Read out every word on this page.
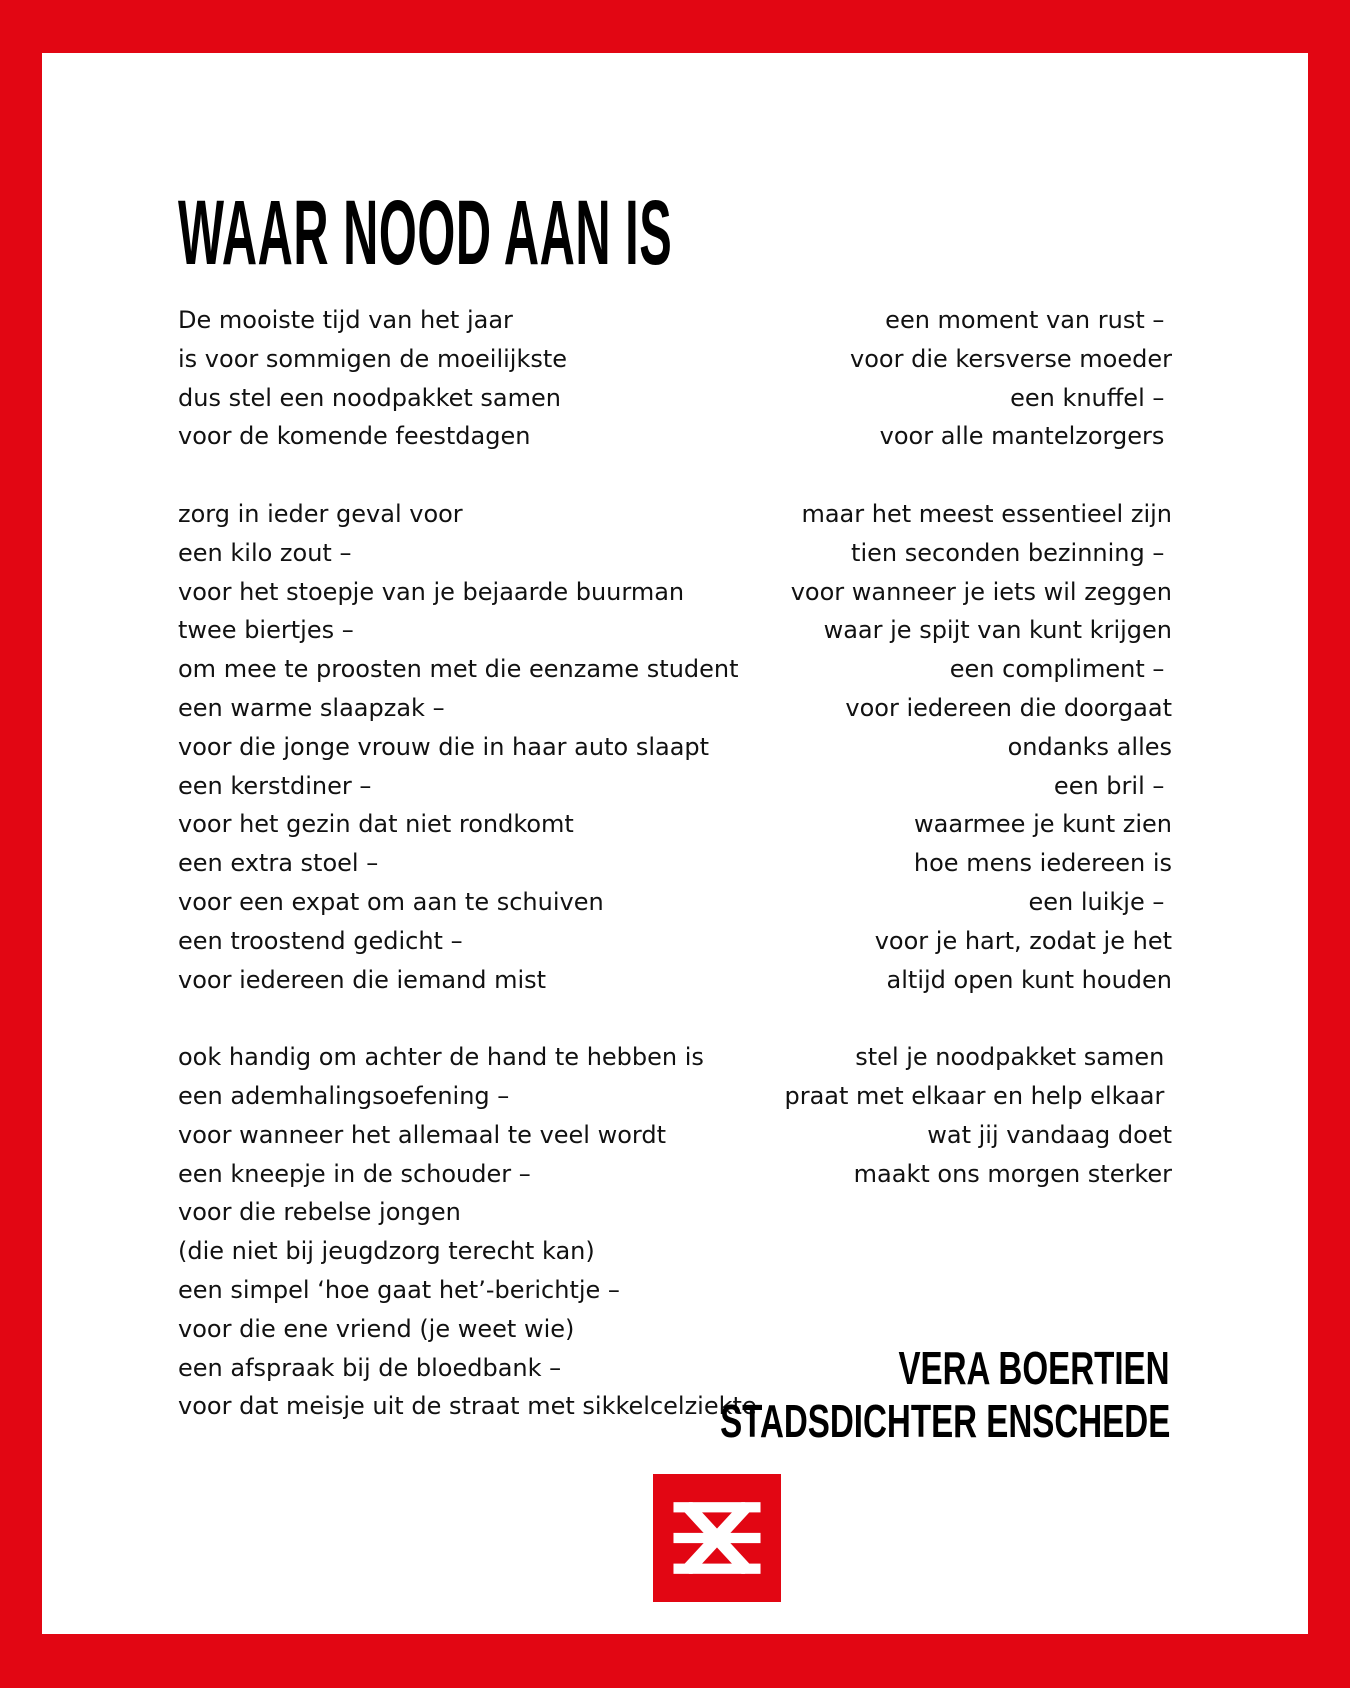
WAAR NOOD AAN IS
De mooiste tijd van het jaar
is voor sommigen de moeilijkste
dus stel een noodpakket samen
voor de komende feestdagen
zorg in ieder geval voor
een kilo zout –
voor het stoepje van je bejaarde buurman
twee biertjes –
om mee te proosten met die eenzame student
een warme slaapzak –
voor die jonge vrouw die in haar auto slaapt
een kerstdiner –
voor het gezin dat niet rondkomt
een extra stoel –
voor een expat om aan te schuiven
een troostend gedicht –
voor iedereen die iemand mist
ook handig om achter de hand te hebben is
een ademhalingsoefening –
voor wanneer het allemaal te veel wordt
een kneepje in de schouder –
voor die rebelse jongen
(die niet bij jeugdzorg terecht kan)
een simpel ‘hoe gaat het’-berichtje –
voor die ene vriend (je weet wie)
een afspraak bij de bloedbank –
voor dat meisje uit de straat met sikkelcelziekte
een moment van rust –
voor die kersverse moeder
een knuffel –
voor alle mantelzorgers
maar het meest essentieel zijn
tien seconden bezinning –
voor wanneer je iets wil zeggen
waar je spijt van kunt krijgen
een compliment –
voor iedereen die doorgaat
ondanks alles
een bril –
waarmee je kunt zien
hoe mens iedereen is
een luikje –
voor je hart, zodat je het
altijd open kunt houden
stel je noodpakket samen
praat met elkaar en help elkaar
wat jij vandaag doet
maakt ons morgen sterker
VERA BOERTIEN
STADSDICHTER ENSCHEDE
